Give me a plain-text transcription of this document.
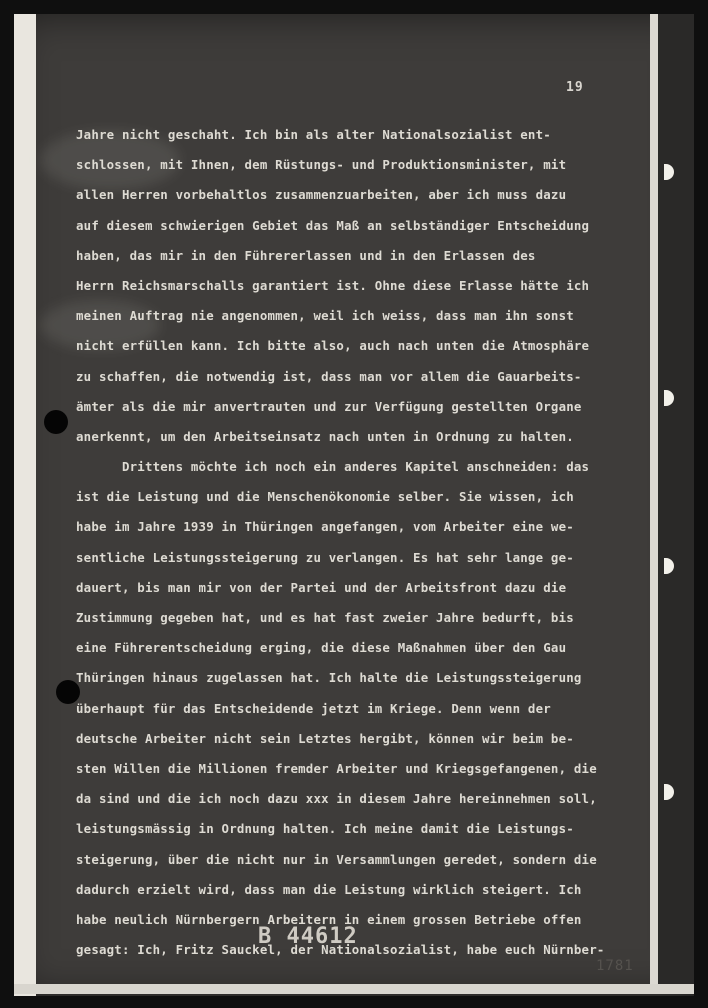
19
Jahre nicht geschaht. Ich bin als alter Nationalsozialist ent-
schlossen, mit Ihnen, dem Rüstungs- und Produktionsminister, mit
allen Herren vorbehaltlos zusammenzuarbeiten, aber ich muss dazu
auf diesem schwierigen Gebiet das Maß an selbständiger Entscheidung
haben, das mir in den Führererlassen und in den Erlassen des
Herrn Reichsmarschalls garantiert ist. Ohne diese Erlasse hätte ich
meinen Auftrag nie angenommen, weil ich weiss, dass man ihn sonst
nicht erfüllen kann. Ich bitte also, auch nach unten die Atmosphäre
zu schaffen, die notwendig ist, dass man vor allem die Gauarbeits-
ämter als die mir anvertrauten und zur Verfügung gestellten Organe
anerkennt, um den Arbeitseinsatz nach unten in Ordnung zu halten.
Drittens möchte ich noch ein anderes Kapitel anschneiden: das
ist die Leistung und die Menschenökonomie selber. Sie wissen, ich
habe im Jahre 1939 in Thüringen angefangen, vom Arbeiter eine we-
sentliche Leistungssteigerung zu verlangen. Es hat sehr lange ge-
dauert, bis man mir von der Partei und der Arbeitsfront dazu die
Zustimmung gegeben hat, und es hat fast zweier Jahre bedurft, bis
eine Führerentscheidung erging, die diese Maßnahmen über den Gau
Thüringen hinaus zugelassen hat. Ich halte die Leistungssteigerung
überhaupt für das Entscheidende jetzt im Kriege. Denn wenn der
deutsche Arbeiter nicht sein Letztes hergibt, können wir beim be-
sten Willen die Millionen fremder Arbeiter und Kriegsgefangenen, die
da sind und die ich noch dazu xxx in diesem Jahre hereinnehmen soll,
leistungsmässig in Ordnung halten. Ich meine damit die Leistungs-
steigerung, über die nicht nur in Versammlungen geredet, sondern die
dadurch erzielt wird, dass man die Leistung wirklich steigert. Ich
habe neulich Nürnbergern Arbeitern in einem grossen Betriebe offen
gesagt: Ich, Fritz Sauckel, der Nationalsozialist, habe euch Nürnber-
B 44612
1781
